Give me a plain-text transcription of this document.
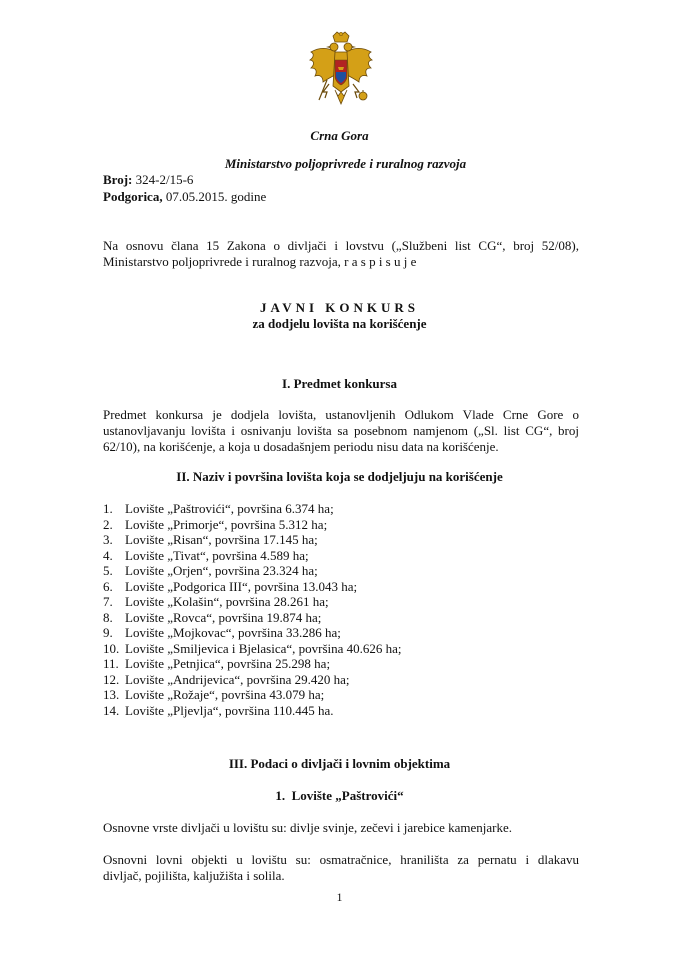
Crna Gora
Ministarstvo poljoprivrede i ruralnog razvoja
Broj: 324-2/15-6
Podgorica, 07.05.2015. godine
Na osnovu člana 15 Zakona o divljači i lovstvu („Službeni list CG“, broj 52/08),
Ministarstvo poljoprivrede i ruralnog razvoja, r a s p i s u j e
JAVNI KONKURS
za dodjelu lovišta na korišćenje
I. Predmet konkursa
Predmet konkursa je dodjela lovišta, ustanovljenih Odlukom Vlade Crne Gore o
ustanovljavanju lovišta i osnivanju lovišta sa posebnom namjenom („Sl. list CG“, broj
62/10), na korišćenje, a koja u dosadašnjem periodu nisu data na korišćenje.
II. Naziv i površina lovišta koja se dodjeljuju na korišćenje
1. Lovište „Paštrovići“, površina 6.374 ha;
2. Lovište „Primorje“, površina 5.312 ha;
3. Lovište „Risan“, površina 17.145 ha;
4. Lovište „Tivat“, površina 4.589 ha;
5. Lovište „Orjen“, površina 23.324 ha;
6. Lovište „Podgorica III“, površina 13.043 ha;
7. Lovište „Kolašin“, površina 28.261 ha;
8. Lovište „Rovca“, površina 19.874 ha;
9. Lovište „Mojkovac“, površina 33.286 ha;
10. Lovište „Smiljevica i Bjelasica“, površina 40.626 ha;
11. Lovište „Petnjica“, površina 25.298 ha;
12. Lovište „Andrijevica“, površina 29.420 ha;
13. Lovište „Rožaje“, površina 43.079 ha;
14. Lovište „Pljevlja“, površina 110.445 ha.
III. Podaci o divljači i lovnim objektima
1.  Lovište „Paštrovići“
Osnovne vrste divljači u lovištu su: divlje svinje, zečevi i jarebice kamenjarke.
Osnovni lovni objekti u lovištu su: osmatračnice, hranilišta za pernatu i dlakavu
divljač, pojilišta, kaljužišta i solila.
1
